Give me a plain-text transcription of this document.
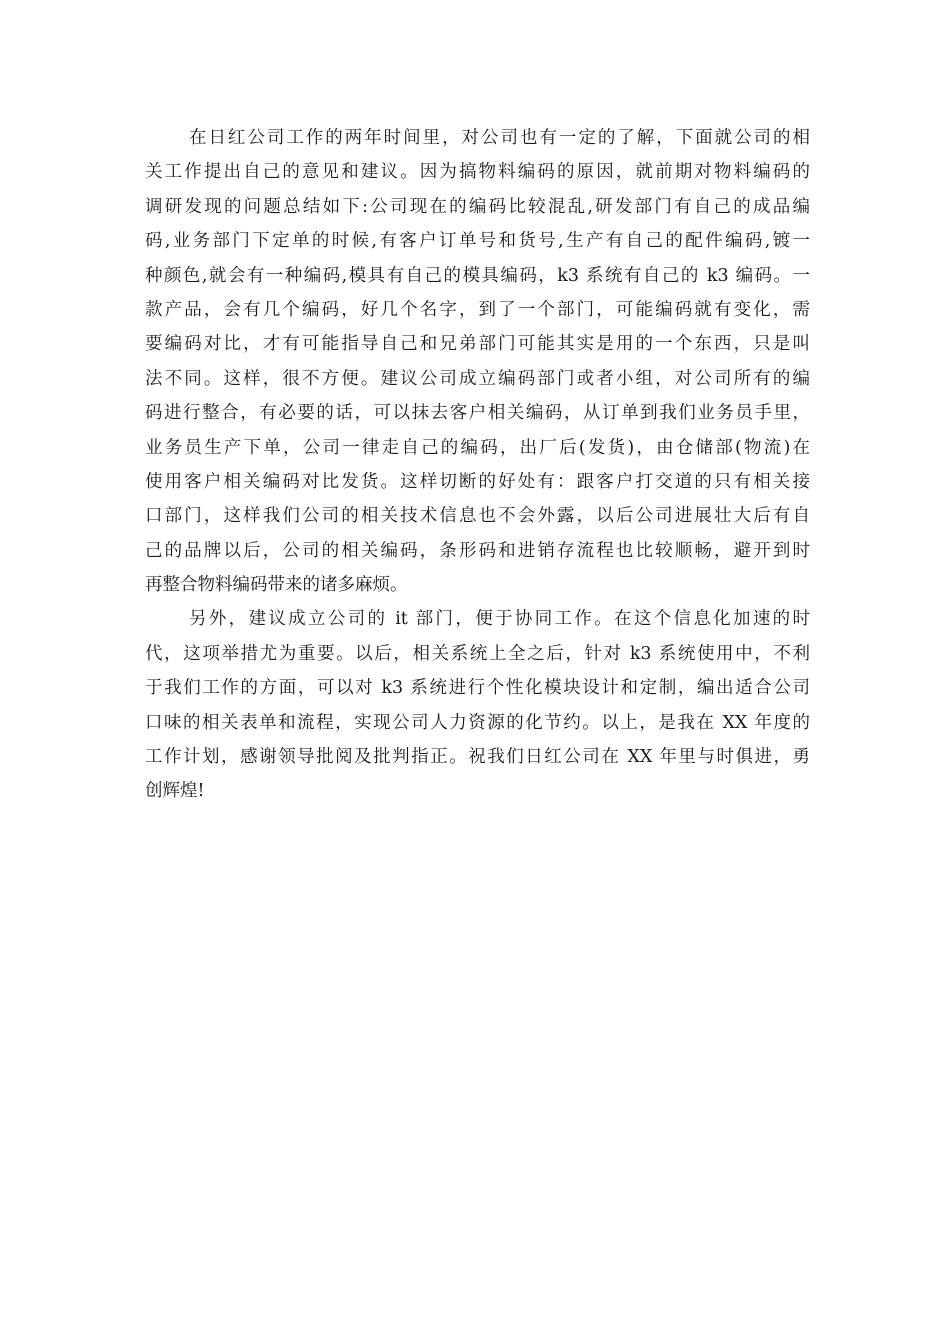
在日红公司工作的两年时间里，对公司也有一定的了解，下面就公司的相
关工作提出自己的意见和建议。因为搞物料编码的原因，就前期对物料编码的
调研发现的问题总结如下:公司现在的编码比较混乱,研发部门有自己的成品编
码,业务部门下定单的时候,有客户订单号和货号,生产有自己的配件编码,镀一
种颜色,就会有一种编码,模具有自己的模具编码，k3 系统有自己的 k3 编码。一
款产品，会有几个编码，好几个名字，到了一个部门，可能编码就有变化，需
要编码对比，才有可能指导自己和兄弟部门可能其实是用的一个东西，只是叫
法不同。这样，很不方便。建议公司成立编码部门或者小组，对公司所有的编
码进行整合，有必要的话，可以抹去客户相关编码，从订单到我们业务员手里，
业务员生产下单，公司一律走自己的编码，出厂后(发货)，由仓储部(物流)在
使用客户相关编码对比发货。这样切断的好处有：跟客户打交道的只有相关接
口部门，这样我们公司的相关技术信息也不会外露，以后公司进展壮大后有自
己的品牌以后，公司的相关编码，条形码和进销存流程也比较顺畅，避开到时
再整合物料编码带来的诸多麻烦。
另外，建议成立公司的 it 部门，便于协同工作。在这个信息化加速的时
代，这项举措尤为重要。以后，相关系统上全之后，针对 k3 系统使用中，不利
于我们工作的方面，可以对 k3 系统进行个性化模块设计和定制，编出适合公司
口味的相关表单和流程，实现公司人力资源的化节约。以上，是我在 XX 年度的
工作计划，感谢领导批阅及批判指正。祝我们日红公司在 XX 年里与时俱进，勇
创辉煌!
